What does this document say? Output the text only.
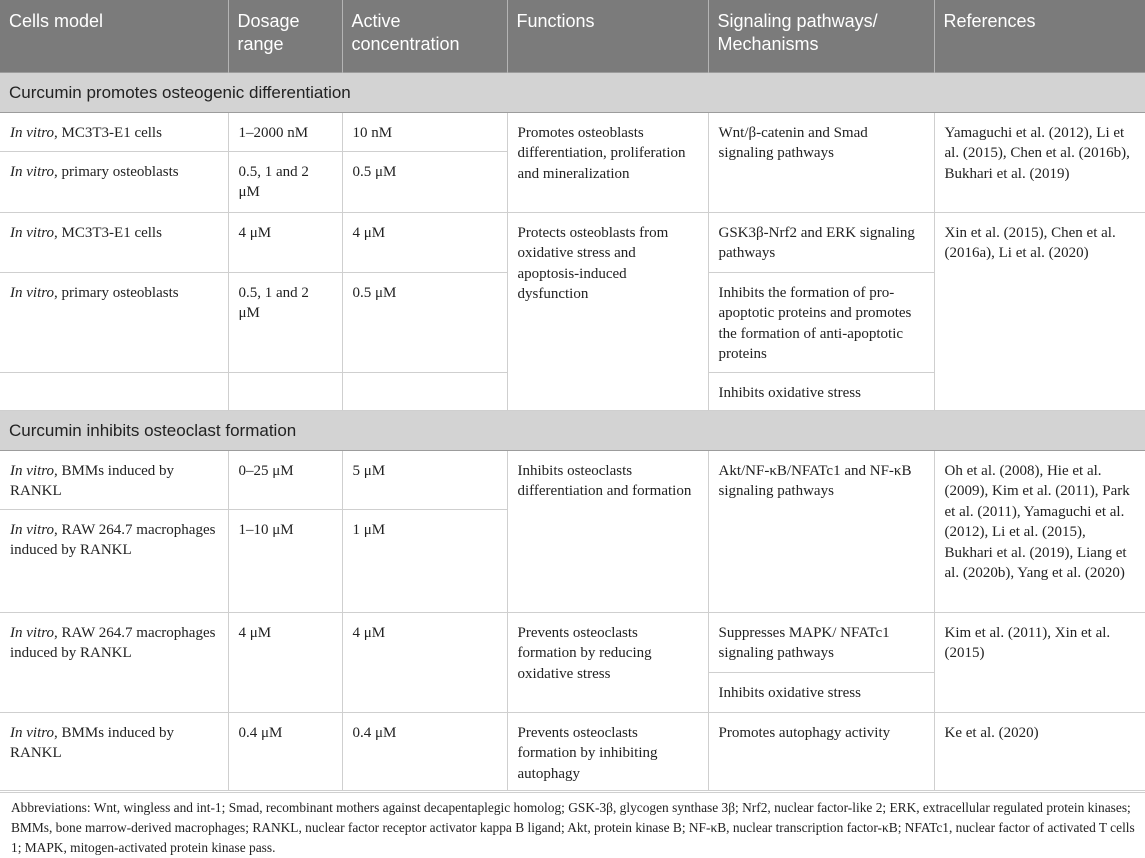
Cells model	Dosage range	Active concentration	Functions	Signaling pathways/ Mechanisms	References
Curcumin promotes osteogenic differentiation					
In vitro, MC3T3-E1 cells	1–2000 nM	10 nM	Promotes osteoblasts differentiation, proliferation and mineralization	Wnt/β-catenin and Smad signaling pathways	Yamaguchi et al. (2012), Li et al. (2015), Chen et al. (2016b), Bukhari et al. (2019)
In vitro, primary osteoblasts	0.5, 1 and 2 μM	0.5 μM			
In vitro, MC3T3-E1 cells	4 μM	4 μM	Protects osteoblasts from oxidative stress and apoptosis-induced dysfunction	GSK3β-Nrf2 and ERK signaling pathways	Xin et al. (2015), Chen et al. (2016a), Li et al. (2020)
In vitro, primary osteoblasts	0.5, 1 and 2 μM	0.5 μM		Inhibits the formation of pro-apoptotic proteins and promotes the formation of anti-apoptotic proteins	
				Inhibits oxidative stress	
Curcumin inhibits osteoclast formation					
In vitro, BMMs induced by RANKL	0–25 μM	5 μM	Inhibits osteoclasts differentiation and formation	Akt/NF-κB/NFATc1 and NF-κB signaling pathways	Oh et al. (2008), Hie et al. (2009), Kim et al. (2011), Park et al. (2011), Yamaguchi et al. (2012), Li et al. (2015), Bukhari et al. (2019), Liang et al. (2020b), Yang et al. (2020)
In vitro, RAW 264.7 macrophages induced by RANKL	1–10 μM	1 μM			
In vitro, RAW 264.7 macrophages induced by RANKL	4 μM	4 μM	Prevents osteoclasts formation by reducing oxidative stress	Suppresses MAPK/ NFATc1 signaling pathways	Kim et al. (2011), Xin et al. (2015)
				Inhibits oxidative stress	
In vitro, BMMs induced by RANKL	0.4 μM	0.4 μM	Prevents osteoclasts formation by inhibiting autophagy	Promotes autophagy activity	Ke et al. (2020)

Abbreviations: Wnt, wingless and int-1; Smad, recombinant mothers against decapentaplegic homolog; GSK-3β, glycogen synthase 3β; Nrf2, nuclear factor-like 2; ERK, extracellular regulated protein kinases; BMMs, bone marrow-derived macrophages; RANKL, nuclear factor receptor activator kappa B ligand; Akt, protein kinase B; NF-κB, nuclear transcription factor-κB; NFATc1, nuclear factor of activated T cells 1; MAPK, mitogen-activated protein kinase pass.
